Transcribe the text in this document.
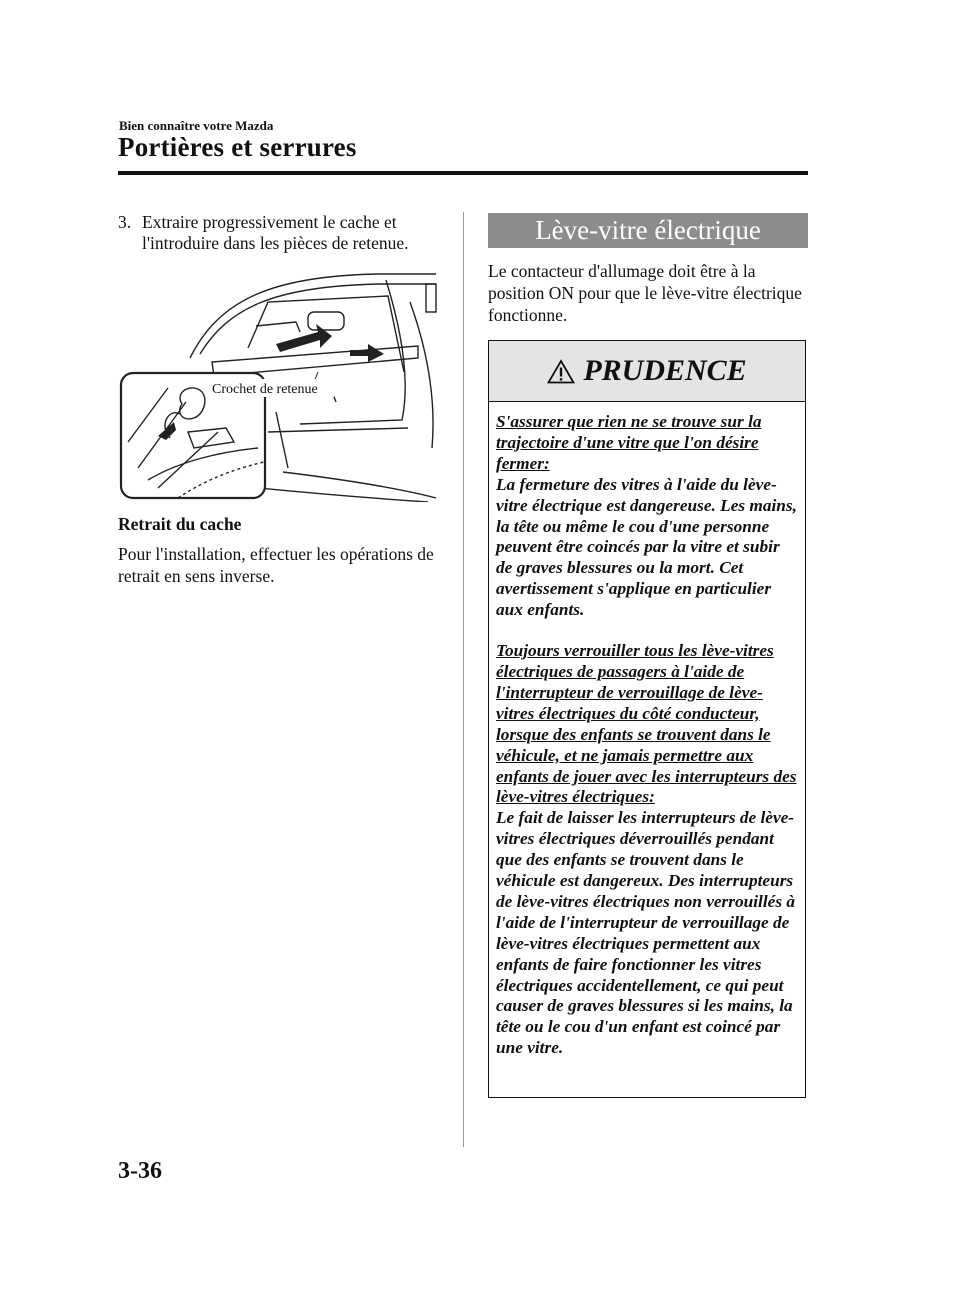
Bien connaître votre Mazda
Portières et serrures
3. Extraire progressivement le cache et l'introduire dans les pièces de retenue.
Crochet de retenue
Retrait du cache
Pour l'installation, effectuer les opérations de retrait en sens inverse.
Lève-vitre électrique
Le contacteur d'allumage doit être à la position ON pour que le lève-vitre électrique fonctionne.
PRUDENCE
S'assurer que rien ne se trouve sur la trajectoire d'une vitre que l'on désire fermer:
La fermeture des vitres à l'aide du lève-vitre électrique est dangereuse. Les mains, la tête ou même le cou d'une personne peuvent être coincés par la vitre et subir de graves blessures ou la mort. Cet avertissement s'applique en particulier aux enfants.
Toujours verrouiller tous les lève-vitres électriques de passagers à l'aide de l'interrupteur de verrouillage de lève-vitres électriques du côté conducteur, lorsque des enfants se trouvent dans le véhicule, et ne jamais permettre aux enfants de jouer avec les interrupteurs des lève-vitres électriques:
Le fait de laisser les interrupteurs de lève-vitres électriques déverrouillés pendant que des enfants se trouvent dans le véhicule est dangereux. Des interrupteurs de lève-vitres électriques non verrouillés à l'aide de l'interrupteur de verrouillage de lève-vitres électriques permettent aux enfants de faire fonctionner les vitres électriques accidentellement, ce qui peut causer de graves blessures si les mains, la tête ou le cou d'un enfant est coincé par une vitre.
3-36
